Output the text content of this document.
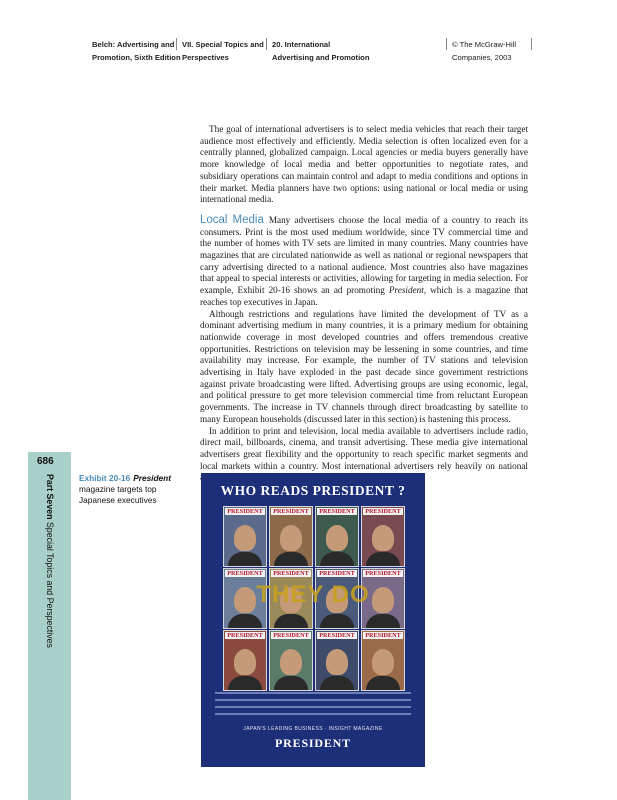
Belch: Advertising and
Promotion, Sixth Edition
VII. Special Topics and
Perspectives
20. International
Advertising and Promotion
© The McGraw-Hill
Companies, 2003
686
Part Seven Special Topics and Perspectives

The goal of international advertisers is to select media vehicles that reach their target audience most effectively and efficiently. Media selection is often localized even for a centrally planned, globalized campaign. Local agencies or media buyers generally have more knowledge of local media and better opportunities to negotiate rates, and subsidiary operations can maintain control and adapt to media conditions and options in their market. Media planners have two options: using national or local media or using international media.

Local Media Many advertisers choose the local media of a country to reach its consumers. Print is the most used medium worldwide, since TV commercial time and the number of homes with TV sets are limited in many countries. Many countries have magazines that are circulated nationwide as well as national or regional newspapers that carry advertising directed to a national audience. Most countries also have magazines that appeal to special interests or activities, allowing for targeting in media selection. For example, Exhibit 20-16 shows an ad promoting President, which is a magazine that reaches top executives in Japan.

Although restrictions and regulations have limited the development of TV as a dominant advertising medium in many countries, it is a primary medium for obtaining nationwide coverage in most developed countries and offers tremendous creative opportunities. Restrictions on television may be lessening in some countries, and time availability may increase. For example, the number of TV stations and television advertising in Italy have exploded in the past decade since government restrictions against private broadcasting were lifted. Advertising groups are using economic, legal, and political pressure to get more television commercial time from reluctant European governments. The increase in TV channels through direct broadcasting by satellite to many European households (discussed later in this section) is hastening this process.

In addition to print and television, local media available to advertisers include radio, direct mail, billboards, cinema, and transit advertising. These media give international advertisers great flexibility and the opportunity to reach specific market segments and local markets within a country. Most international advertisers rely heavily on national

Exhibit 20-16 President
magazine targets top Japanese executives
WHO READS PRESIDENT ?
PRESIDENT	PRESIDENT	PRESIDENT	PRESIDENT
PRESIDENT	PRESIDENT	PRESIDENT	PRESIDENT
PRESIDENT	PRESIDENT	PRESIDENT	PRESIDENT
THEY DO
JAPAN'S LEADING BUSINESS · INSIGHT MAGAZINE
PRESIDENT
